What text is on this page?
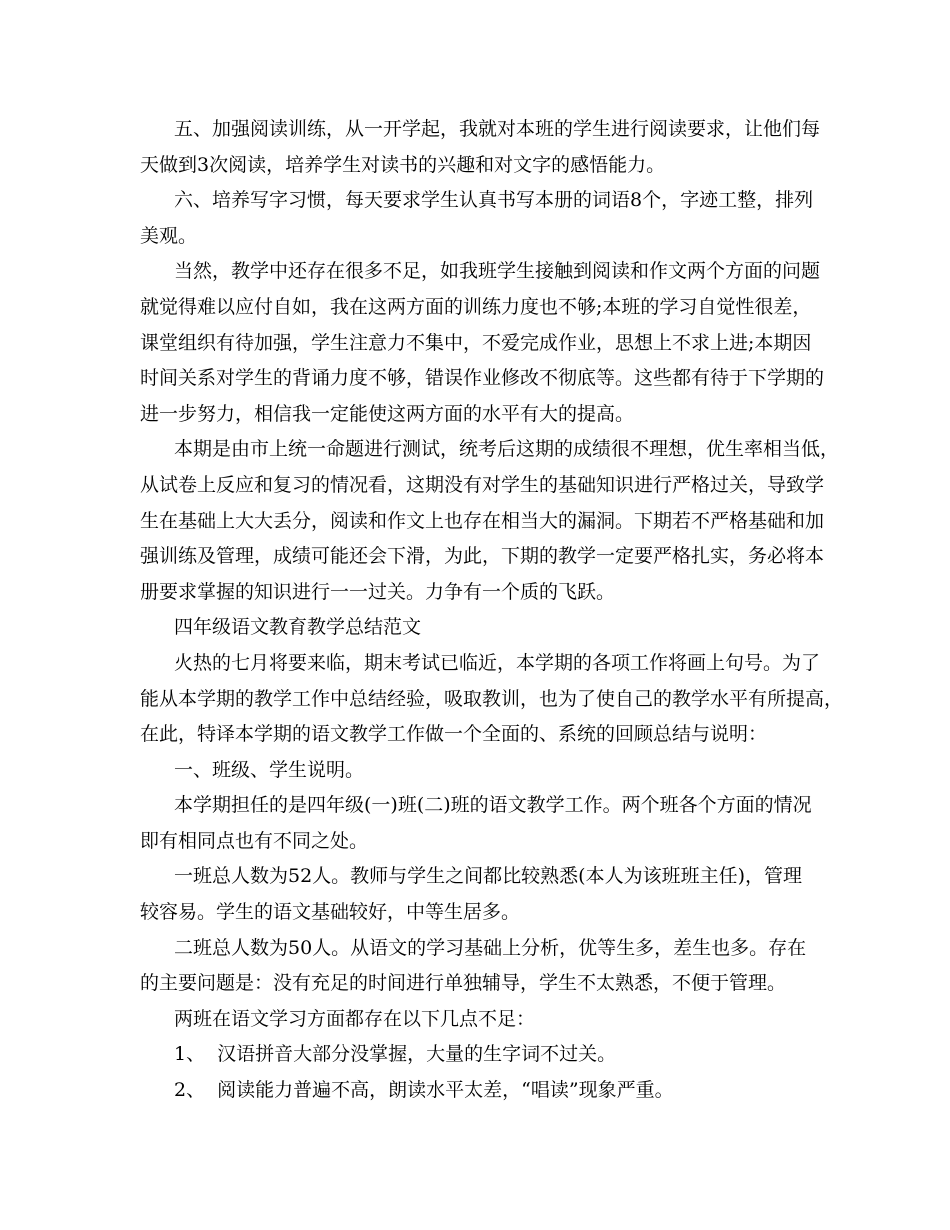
五、加强阅读训练，从一开学起，我就对本班的学生进行阅读要求，让他们每
天做到3次阅读，培养学生对读书的兴趣和对文字的感悟能力。
六、培养写字习惯，每天要求学生认真书写本册的词语8个，字迹工整，排列
美观。
当然，教学中还存在很多不足，如我班学生接触到阅读和作文两个方面的问题
就觉得难以应付自如，我在这两方面的训练力度也不够;本班的学习自觉性很差，
课堂组织有待加强，学生注意力不集中，不爱完成作业，思想上不求上进;本期因
时间关系对学生的背诵力度不够，错误作业修改不彻底等。这些都有待于下学期的
进一步努力，相信我一定能使这两方面的水平有大的提高。
本期是由市上统一命题进行测试，统考后这期的成绩很不理想，优生率相当低，
从试卷上反应和复习的情况看，这期没有对学生的基础知识进行严格过关，导致学
生在基础上大大丢分，阅读和作文上也存在相当大的漏洞。下期若不严格基础和加
强训练及管理，成绩可能还会下滑，为此，下期的教学一定要严格扎实，务必将本
册要求掌握的知识进行一一过关。力争有一个质的飞跃。
四年级语文教育教学总结范文
火热的七月将要来临，期末考试已临近，本学期的各项工作将画上句号。为了
能从本学期的教学工作中总结经验，吸取教训，也为了使自己的教学水平有所提高，
在此，特译本学期的语文教学工作做一个全面的、系统的回顾总结与说明：
一、班级、学生说明。
本学期担任的是四年级(一)班(二)班的语文教学工作。两个班各个方面的情况
即有相同点也有不同之处。
一班总人数为52人。教师与学生之间都比较熟悉(本人为该班班主任)，管理
较容易。学生的语文基础较好，中等生居多。
二班总人数为50人。从语文的学习基础上分析，优等生多，差生也多。存在
的主要问题是：没有充足的时间进行单独辅导，学生不太熟悉，不便于管理。
两班在语文学习方面都存在以下几点不足：
1、  汉语拼音大部分没掌握，大量的生字词不过关。
2、  阅读能力普遍不高，朗读水平太差，“唱读”现象严重。
